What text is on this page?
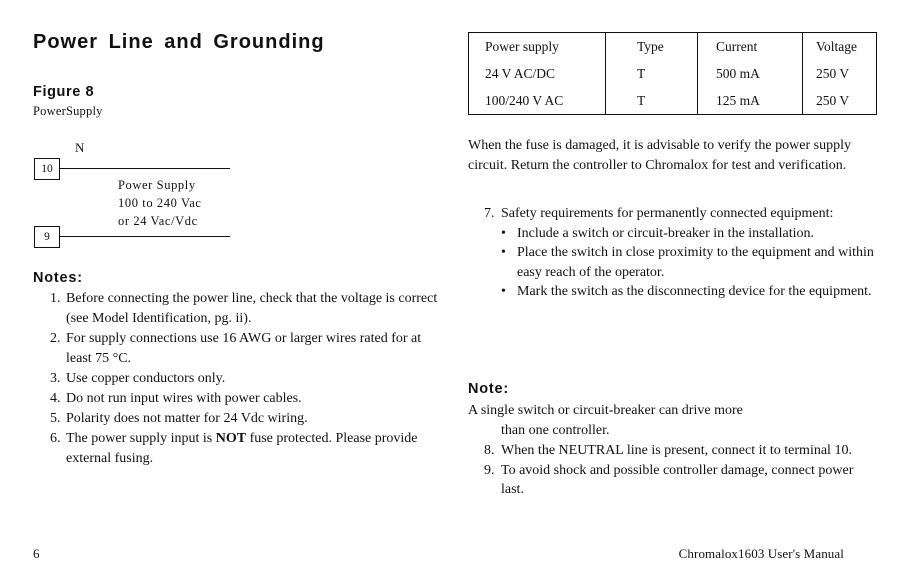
Power Line and Grounding
Figure 8
PowerSupply
N
10
Power Supply
100 to 240 Vac
or 24 Vac/Vdc
9
Notes:
1. Before connecting the power line, check that the voltage is correct (see Model Identification, pg. ii).
2. For supply connections use 16 AWG or larger wires rated for at least 75 °C.
3. Use copper conductors only.
4. Do not run input wires with power cables.
5. Polarity does not matter for 24 Vdc wiring.
6. The power supply input is NOT fuse protected. Please provide external fusing.
6
Power supply	Type	Current	Voltage
24 V AC/DC	T	500 mA	250 V
100/240 V AC	T	125 mA	250 V
When the fuse is damaged, it is advisable to verify the power supply circuit. Return the controller to Chromalox for test and verification.
7. Safety requirements for permanently connected equipment:
• Include a switch or circuit-breaker in the installation.
• Place the switch in close proximity to the equipment and within easy reach of the operator.
• Mark the switch as the disconnecting device for the equipment.
Note:
A single switch or circuit-breaker can drive more
than one controller.
8. When the NEUTRAL line is present, connect it to terminal 10.
9. To avoid shock and possible controller damage, connect power last.
Chromalox1603 User's Manual
